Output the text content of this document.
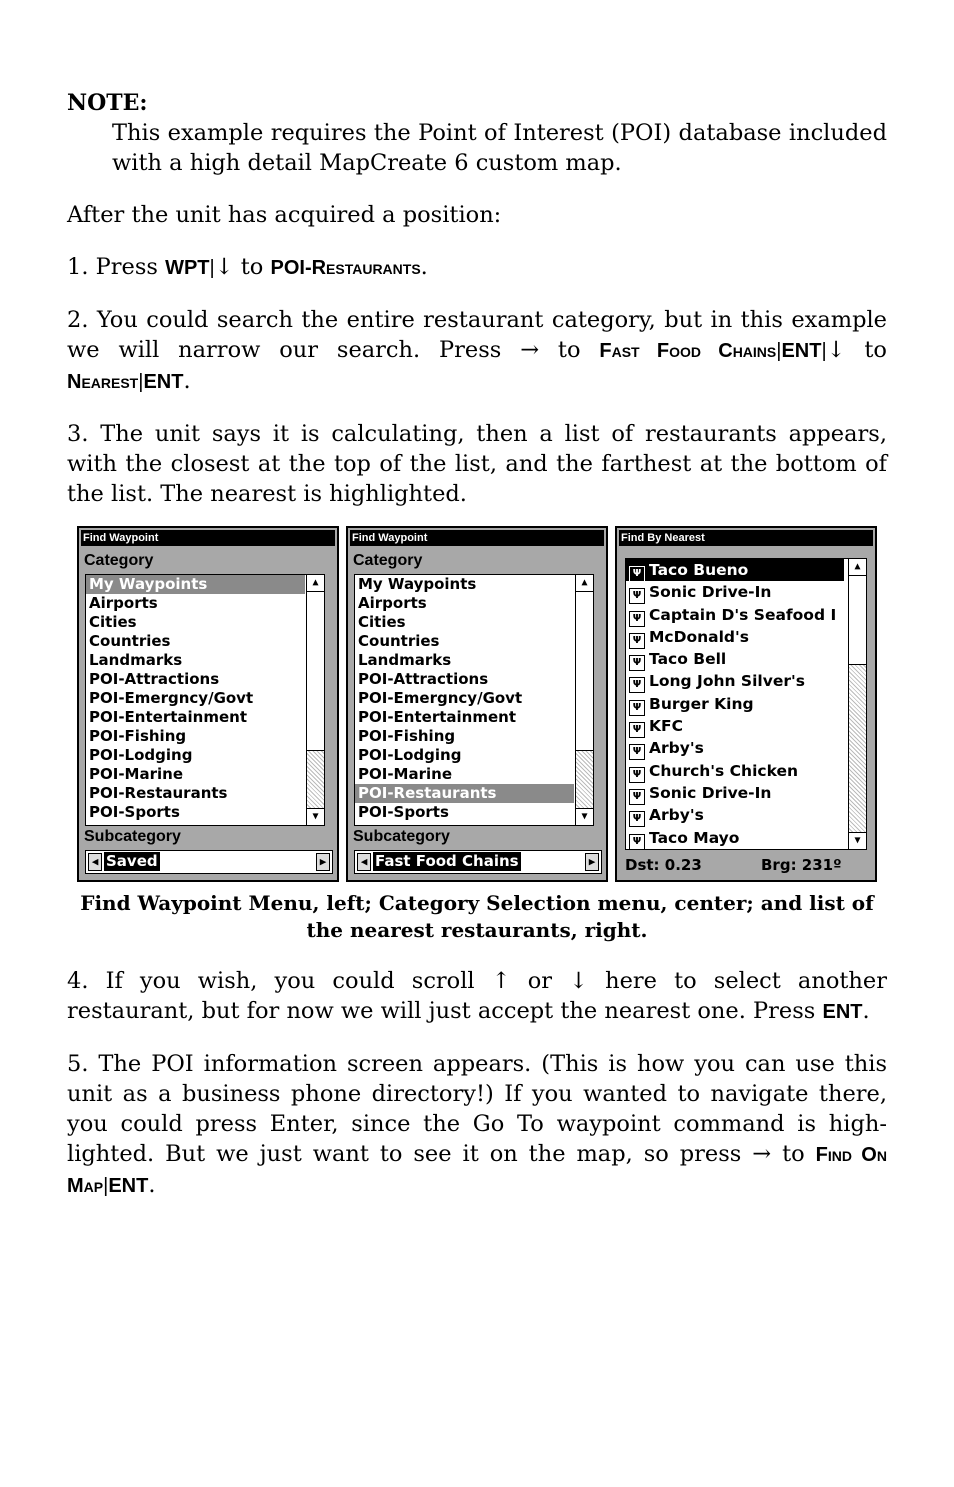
NOTE:

This example requires the Point of Interest (POI) database included with a high detail MapCreate 6 custom map.

After the unit has acquired a position:

1. Press WPT|↓ to POI-Restaurants.

2. You could search the entire restaurant category, but in this example we will narrow our search. Press → to Fast Food Chains|ENT|↓ to Nearest|ENT.

3. The unit says it is calculating, then a list of restaurants appears, with the closest at the top of the list, and the farthest at the bottom of the list. The nearest is highlighted.

Find Waypoint
Category
My Waypoints
Airports
Cities
Countries
Landmarks
POI-Attractions
POI-Emergncy/Govt
POI-Entertainment
POI-Fishing
POI-Lodging
POI-Marine
POI-Restaurants
POI-Sports
▲
▼
Subcategory
◀ Saved	▶
Find Waypoint
Category
My Waypoints
Airports
Cities
Countries
Landmarks
POI-Attractions
POI-Emergncy/Govt
POI-Entertainment
POI-Fishing
POI-Lodging
POI-Marine
POI-Restaurants
POI-Sports
▲
▼
Subcategory
◀ Fast Food Chains	▶
Find By Nearest
Ψ Taco Bueno
Ψ Sonic Drive-In
Ψ Captain D's Seafood I
Ψ McDonald's
Ψ Taco Bell
Ψ Long John Silver's
Ψ Burger King
Ψ KFC
Ψ Arby's
Ψ Church's Chicken
Ψ Sonic Drive-In
Ψ Arby's
Ψ Taco Mayo
▲
▼
Dst: 0.23	Brg: 231º
Find Waypoint Menu, left; Category Selection menu, center; and list of the nearest restaurants, right.

4. If you wish, you could scroll ↑ or ↓ here to select another restaurant, but for now we will just accept the nearest one. Press ENT.

5. The POI information screen appears. (This is how you can use this unit as a business phone directory!) If you wanted to navigate there, you could press Enter, since the Go To waypoint command is high-lighted. But we just want to see it on the map, so press → to Find On Map|ENT.
